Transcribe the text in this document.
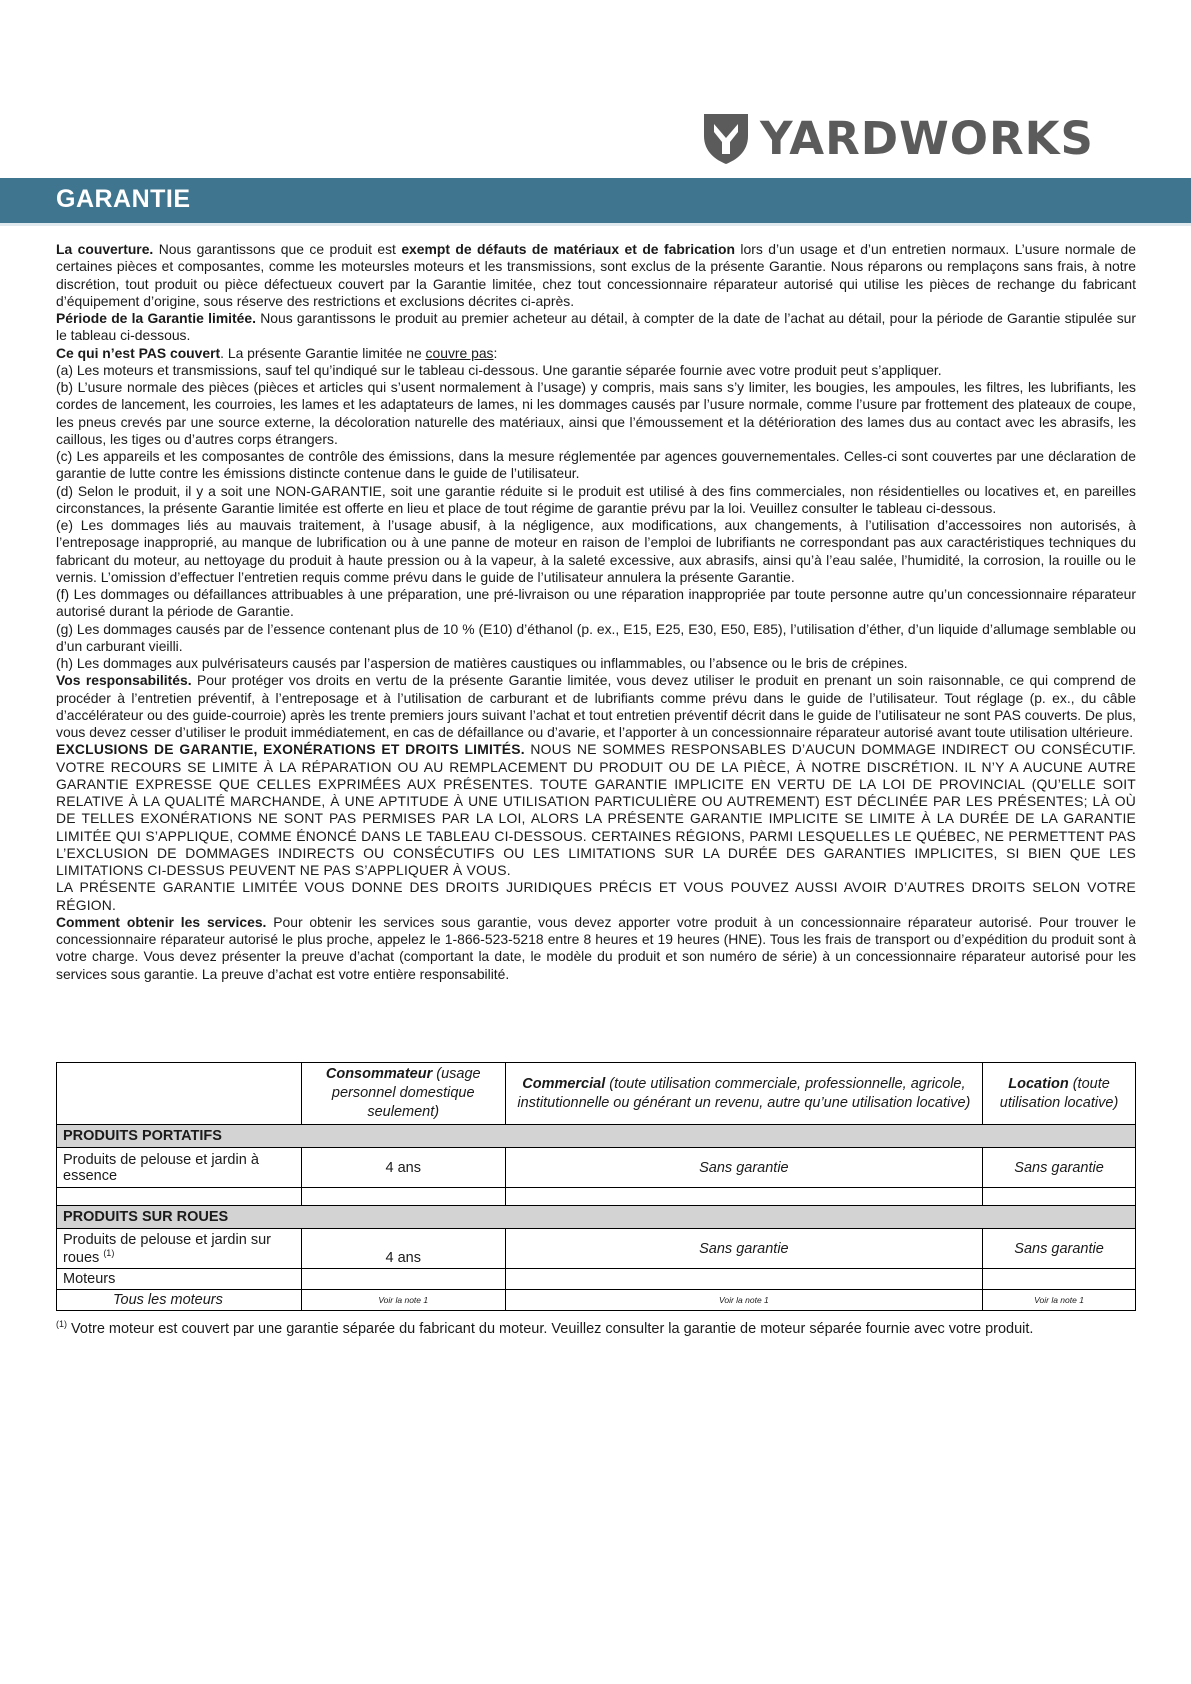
YARDWORKS
GARANTIE

La couverture. Nous garantissons que ce produit est exempt de défauts de matériaux et de fabrication lors d’un usage et d’un entretien normaux. L’usure normale de certaines pièces et composantes, comme les moteursles moteurs et les transmissions, sont exclus de la présente Garantie. Nous réparons ou remplaçons sans frais, à notre discrétion, tout produit ou pièce défectueux couvert par la Garantie limitée, chez tout concessionnaire réparateur autorisé qui utilise les pièces de rechange du fabricant d’équipement d’origine, sous réserve des restrictions et exclusions décrites ci-après.

Période de la Garantie limitée. Nous garantissons le produit au premier acheteur au détail, à compter de la date de l’achat au détail, pour la période de Garantie stipulée sur le tableau ci-dessous.

Ce qui n’est PAS couvert. La présente Garantie limitée ne couvre pas:

(a) Les moteurs et transmissions, sauf tel qu’indiqué sur le tableau ci-dessous. Une garantie séparée fournie avec votre produit peut s’appliquer.

(b) L’usure normale des pièces (pièces et articles qui s’usent normalement à l’usage) y compris, mais sans s’y limiter, les bougies, les ampoules, les filtres, les lubrifiants, les cordes de lancement, les courroies, les lames et les adaptateurs de lames, ni les dommages causés par l’usure normale, comme l’usure par frottement des plateaux de coupe, les pneus crevés par une source externe, la décoloration naturelle des matériaux, ainsi que l’émoussement et la détérioration des lames dus au contact avec les abrasifs, les caillous, les tiges ou d’autres corps étrangers.

(c) Les appareils et les composantes de contrôle des émissions, dans la mesure réglementée par agences gouvernementales. Celles-ci sont couvertes par une déclaration de garantie de lutte contre les émissions distincte contenue dans le guide de l’utilisateur.

(d) Selon le produit, il y a soit une NON-GARANTIE, soit une garantie réduite si le produit est utilisé à des fins commerciales, non résidentielles ou locatives et, en pareilles circonstances, la présente Garantie limitée est offerte en lieu et place de tout régime de garantie prévu par la loi. Veuillez consulter le tableau ci-dessous.

(e) Les dommages liés au mauvais traitement, à l’usage abusif, à la négligence, aux modifications, aux changements, à l’utilisation d’accessoires non autorisés, à l’entreposage inapproprié, au manque de lubrification ou à une panne de moteur en raison de l’emploi de lubrifiants ne correspondant pas aux caractéristiques techniques du fabricant du moteur, au nettoyage du produit à haute pression ou à la vapeur, à la saleté excessive, aux abrasifs, ainsi qu’à l’eau salée, l’humidité, la corrosion, la rouille ou le vernis. L’omission d’effectuer l’entretien requis comme prévu dans le guide de l’utilisateur annulera la présente Garantie.

(f) Les dommages ou défaillances attribuables à une préparation, une pré-livraison ou une réparation inappropriée par toute personne autre qu’un concessionnaire réparateur autorisé durant la période de Garantie.

(g) Les dommages causés par de l’essence contenant plus de 10 % (E10) d’éthanol (p. ex., E15, E25, E30, E50, E85), l’utilisation d’éther, d’un liquide d’allumage semblable ou d’un carburant vieilli.

(h) Les dommages aux pulvérisateurs causés par l’aspersion de matières caustiques ou inflammables, ou l’absence ou le bris de crépines.

Vos responsabilités. Pour protéger vos droits en vertu de la présente Garantie limitée, vous devez utiliser le produit en prenant un soin raisonnable, ce qui comprend de procéder à l’entretien préventif, à l’entreposage et à l’utilisation de carburant et de lubrifiants comme prévu dans le guide de l’utilisateur. Tout réglage (p. ex., du câble d’accélérateur ou des guide-courroie) après les trente premiers jours suivant l’achat et tout entretien préventif décrit dans le guide de l’utilisateur ne sont PAS couverts. De plus, vous devez cesser d’utiliser le produit immédiatement, en cas de défaillance ou d’avarie, et l’apporter à un concessionnaire réparateur autorisé avant toute utilisation ultérieure.

EXCLUSIONS DE GARANTIE, EXONÉRATIONS ET DROITS LIMITÉS. NOUS NE SOMMES RESPONSABLES D’AUCUN DOMMAGE INDIRECT OU CONSÉCUTIF. VOTRE RECOURS SE LIMITE À LA RÉPARATION OU AU REMPLACEMENT DU PRODUIT OU DE LA PIÈCE, À NOTRE DISCRÉTION. IL N’Y A AUCUNE AUTRE GARANTIE EXPRESSE QUE CELLES EXPRIMÉES AUX PRÉSENTES. TOUTE GARANTIE IMPLICITE EN VERTU DE LA LOI DE PROVINCIAL (QU’ELLE SOIT RELATIVE À LA QUALITÉ MARCHANDE, À UNE APTITUDE À UNE UTILISATION PARTICULIÈRE OU AUTREMENT) EST DÉCLINÉE PAR LES PRÉSENTES; LÀ OÙ DE TELLES EXONÉRATIONS NE SONT PAS PERMISES PAR LA LOI, ALORS LA PRÉSENTE GARANTIE IMPLICITE SE LIMITE À LA DURÉE DE LA GARANTIE LIMITÉE QUI S’APPLIQUE, COMME ÉNONCÉ DANS LE TABLEAU CI-DESSOUS. CERTAINES RÉGIONS, PARMI LESQUELLES LE QUÉBEC, NE PERMETTENT PAS L’EXCLUSION DE DOMMAGES INDIRECTS OU CONSÉCUTIFS OU LES LIMITATIONS SUR LA DURÉE DES GARANTIES IMPLICITES, SI BIEN QUE LES LIMITATIONS CI-DESSUS PEUVENT NE PAS S’APPLIQUER À VOUS.

LA PRÉSENTE GARANTIE LIMITÉE VOUS DONNE DES DROITS JURIDIQUES PRÉCIS ET VOUS POUVEZ AUSSI AVOIR D’AUTRES DROITS SELON VOTRE RÉGION.

Comment obtenir les services. Pour obtenir les services sous garantie, vous devez apporter votre produit à un concessionnaire réparateur autorisé. Pour trouver le concessionnaire réparateur autorisé le plus proche, appelez le 1-866-523-5218 entre 8 heures et 19 heures (HNE). Tous les frais de transport ou d’expédition du produit sont à votre charge. Vous devez présenter la preuve d’achat (comportant la date, le modèle du produit et son numéro de série) à un concessionnaire réparateur autorisé pour les services sous garantie. La preuve d’achat est votre entière responsabilité.

	Consommateur (usage personnel domestique seulement)	Commercial (toute utilisation commerciale, professionnelle, agricole, institutionnelle ou générant un revenu, autre qu’une utilisation locative)	Location (toute utilisation locative)
PRODUITS PORTATIFS			
Produits de pelouse et jardin à essence	4 ans	Sans garantie	Sans garantie

PRODUITS SUR ROUES			
Produits de pelouse et jardin sur roues $^{(1)}$	4 ans	Sans garantie	Sans garantie
Moteurs			
Tous les moteurs	Voir la note 1	Voir la note 1	Voir la note 1
$^{(1)}$ Votre moteur est couvert par une garantie séparée du fabricant du moteur. Veuillez consulter la garantie de moteur séparée fournie avec votre produit.
